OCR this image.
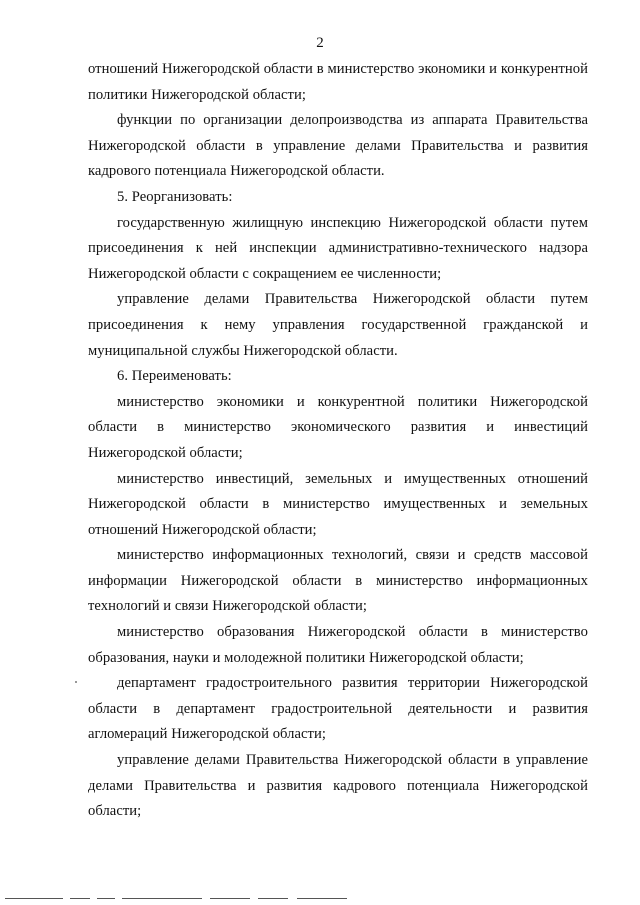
2

отношений Нижегородской области в министерство экономики и конкурентной политики Нижегородской области;

функции по организации делопроизводства из аппарата Правительства Нижегородской области в управление делами Правительства и развития кадрового потенциала Нижегородской области.

5. Реорганизовать:

государственную жилищную инспекцию Нижегородской области путем присоединения к ней инспекции административно-технического надзора Нижегородской области с сокращением ее численности;

управление делами Правительства Нижегородской области путем присоединения к нему управления государственной гражданской и муниципальной службы Нижегородской области.

6. Переименовать:

министерство экономики и конкурентной политики Нижегородской области в министерство экономического развития и инвестиций Нижегородской области;

министерство инвестиций, земельных и имущественных отношений Нижегородской области в министерство имущественных и земельных отношений Нижегородской области;

министерство информационных технологий, связи и средств массовой информации Нижегородской области в министерство информационных технологий и связи Нижегородской области;

министерство образования Нижегородской области в министерство образования, науки и молодежной политики Нижегородской области;

департамент градостроительного развития территории Нижегородской области в департамент градостроительной деятельности и развития агломераций Нижегородской области;

управление делами Правительства Нижегородской области в управление делами Правительства и развития кадрового потенциала Нижегородской области;
